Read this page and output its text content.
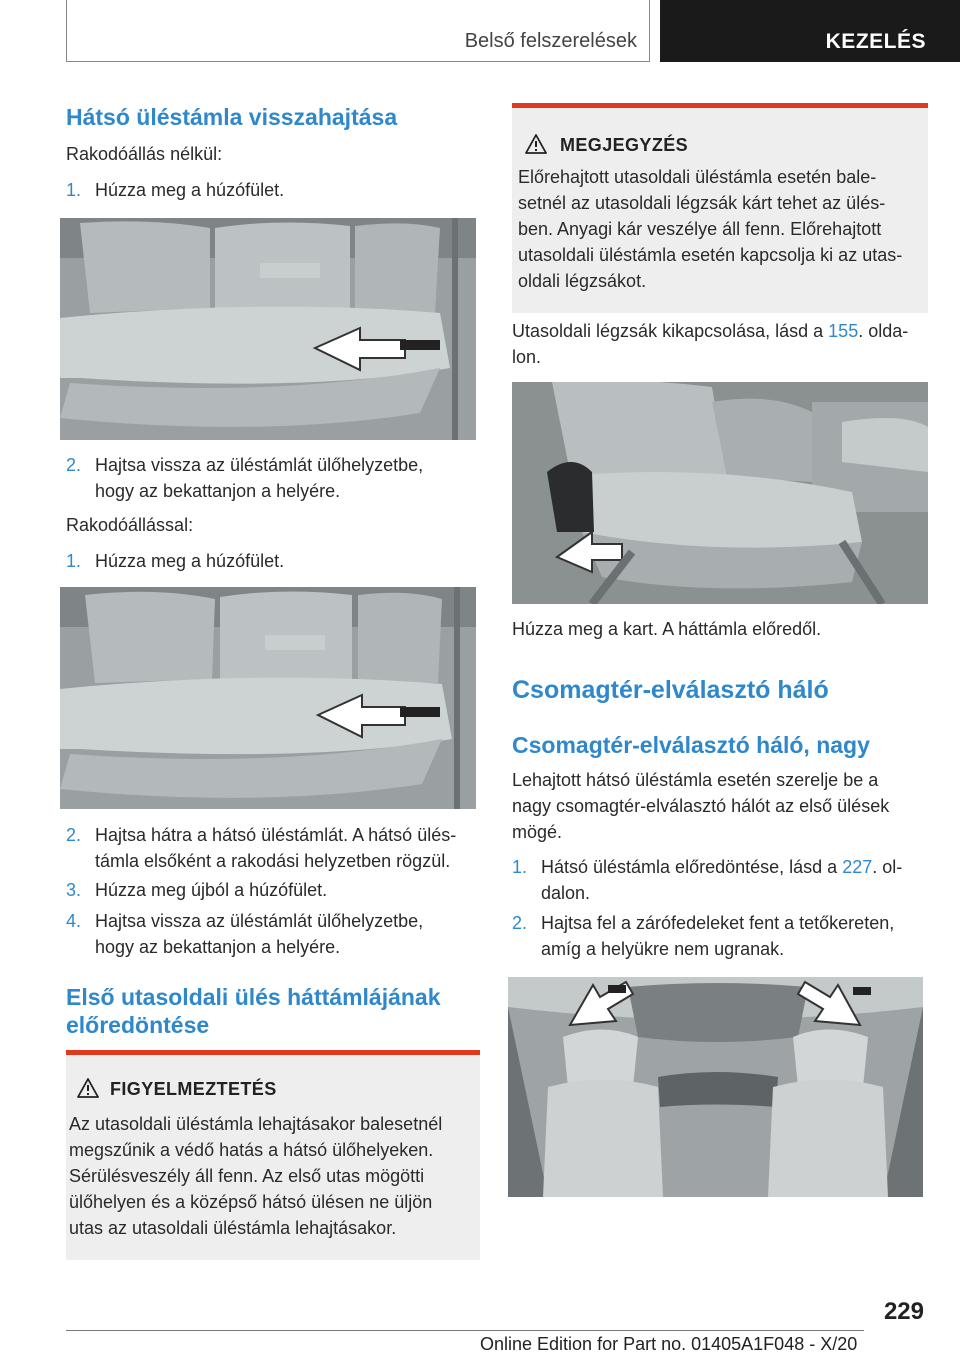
Belső felszerelések	KEZELÉS
Hátsó üléstámla visszahajtása
Rakodóállás nélkül:
1. Húzza meg a húzófület.
2. Hajtsa vissza az üléstámlát ülőhelyzetbe,
hogy az bekattanjon a helyére.
Rakodóállással:
1. Húzza meg a húzófület.
2. Hajtsa hátra a hátsó üléstámlát. A hátsó ülés‐
támla elsőként a rakodási helyzetben rögzül.
3. Húzza meg újból a húzófület.
4. Hajtsa vissza az üléstámlát ülőhelyzetbe,
hogy az bekattanjon a helyére.
Első utasoldali ülés háttámlájának
előredöntése
FIGYELMEZTETÉS
Az utasoldali üléstámla lehajtásakor balesetnél
megszűnik a védő hatás a hátsó ülőhelyeken.
Sérülésveszély áll fenn. Az első utas mögötti
ülőhelyen és a középső hátsó ülésen ne üljön
utas az utasoldali üléstámla lehajtásakor.
MEGJEGYZÉS
Előrehajtott utasoldali üléstámla esetén bale‐
setnél az utasoldali légzsák kárt tehet az ülés‐
ben. Anyagi kár veszélye áll fenn. Előrehajtott
utasoldali üléstámla esetén kapcsolja ki az utas‐
oldali légzsákot.
Utasoldali légzsák kikapcsolása, lásd a 155. olda‐
lon.
Húzza meg a kart. A háttámla előredől.
Csomagtér-elválasztó háló
Csomagtér-elválasztó háló, nagy
Lehajtott hátsó üléstámla esetén szerelje be a
nagy csomagtér-elválasztó hálót az első ülések
mögé.
1. Hátsó üléstámla előredöntése, lásd a 227. ol‐
dalon.
2. Hajtsa fel a zárófedeleket fent a tetőkereten,
amíg a helyükre nem ugranak.
229
Online Edition for Part no. 01405A1F048 - X/20
